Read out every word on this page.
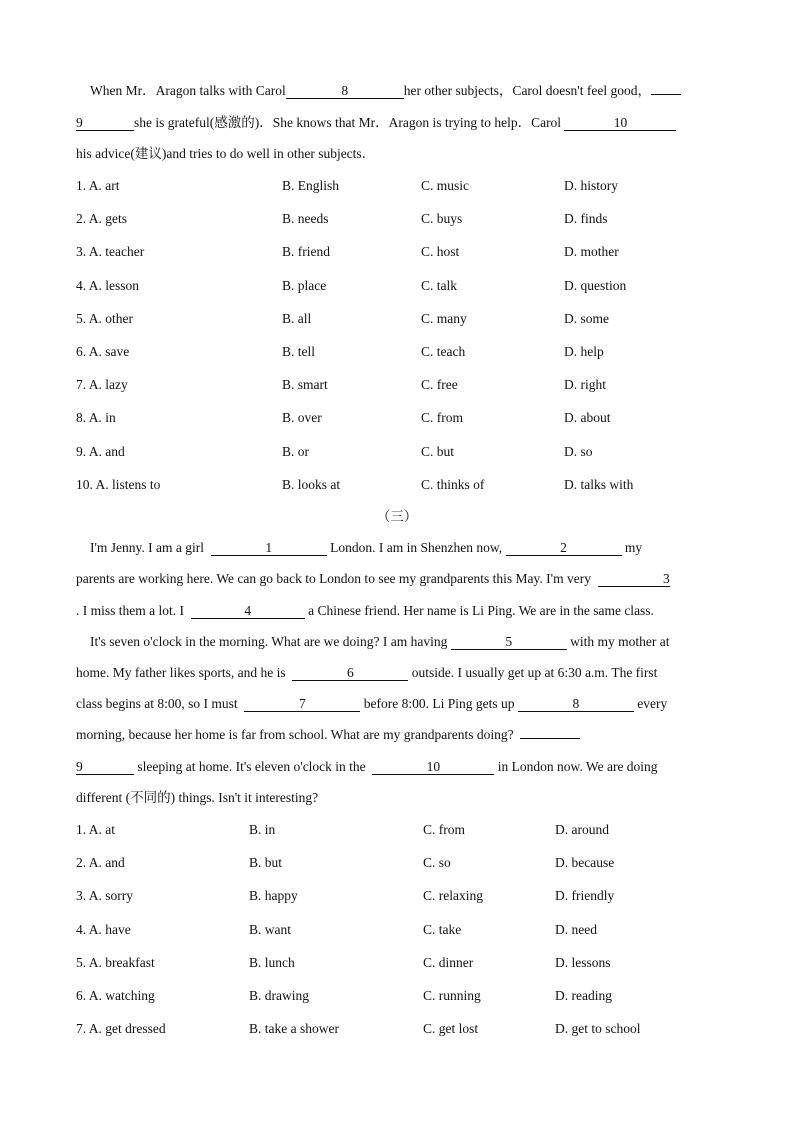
When Mr．Aragon talks with Carol	8	her other subjects，Carol doesn't feel good，
9	she is grateful(感激的)．She knows that Mr．Aragon is trying to help．Carol	10
his advice(建议)and tries to do well in other subjects．
1. A. art	B. English	C. music	D. history
2. A. gets	B. needs	C. buys	D. finds
3. A. teacher	B. friend	C. host	D. mother
4. A. lesson	B. place	C. talk	D. question
5. A. other	B. all	C. many	D. some
6. A. save	B. tell	C. teach	D. help
7. A. lazy	B. smart	C. free	D. right
8. A. in	B. over	C. from	D. about
9. A. and	B. or	C. but	D. so
10. A. listens to	B. looks at	C. thinks of	D. talks with
（三）
I'm Jenny. I am a girl	1	London. I am in Shenzhen now,	2	my
parents are working here. We can go back to London to see my grandparents this May. I'm very	3
. I miss them a lot. I	4	a Chinese friend. Her name is Li Ping. We are in the same class.
It's seven o'clock in the morning. What are we doing? I am having	5	with my mother at
home. My father likes sports, and he is	6	outside. I usually get up at 6:30 a.m. The first
class begins at 8:00, so I must	7	before 8:00. Li Ping gets up	8	every
morning, because her home is far from school. What are my grandparents doing?
9	sleeping at home. It's eleven o'clock in the	10	in London now. We are doing
different (不同的) things. Isn't it interesting?
1. A. at	B. in	C. from	D. around
2. A. and	B. but	C. so	D. because
3. A. sorry	B. happy	C. relaxing	D. friendly
4. A. have	B. want	C. take	D. need
5. A. breakfast	B. lunch	C. dinner	D. lessons
6. A. watching	B. drawing	C. running	D. reading
7. A. get dressed	B. take a shower	C. get lost	D. get to school
